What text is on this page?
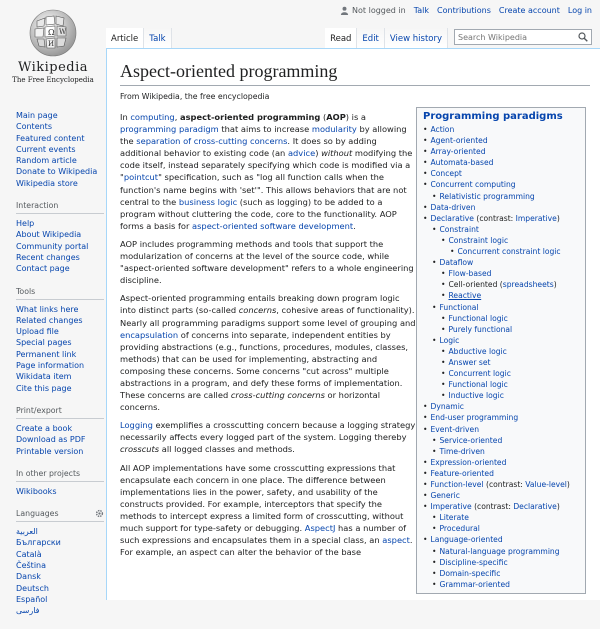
Ω W
И
Wikipedia
The Free Encyclopedia
Not logged in Talk Contributions Create account Log in
Article	Talk	Read	Edit	View history
Search Wikipedia
Main page
Contents
Featured content
Current events
Random article
Donate to Wikipedia
Wikipedia store
Interaction
Help
About Wikipedia
Community portal
Recent changes
Contact page
Tools
What links here
Related changes
Upload file
Special pages
Permanent link
Page information
Wikidata item
Cite this page
Print/export
Create a book
Download as PDF
Printable version
In other projects
Wikibooks
Languages
العربية
Български
Català
Čeština
Dansk
Deutsch
Español
فارسی
Aspect-oriented programming
From Wikipedia, the free encyclopedia

In computing, aspect-oriented programming (AOP) is a programming paradigm that aims to increase modularity by allowing the separation of cross-cutting concerns. It does so by adding additional behavior to existing code (an advice) without modifying the code itself, instead separately specifying which code is modified via a "pointcut" specification, such as "log all function calls when the function's name begins with 'set'". This allows behaviors that are not central to the business logic (such as logging) to be added to a program without cluttering the code, core to the functionality. AOP forms a basis for aspect-oriented software development.

AOP includes programming methods and tools that support the modularization of concerns at the level of the source code, while "aspect-oriented software development" refers to a whole engineering discipline.

Aspect-oriented programming entails breaking down program logic into distinct parts (so-called concerns, cohesive areas of functionality). Nearly all programming paradigms support some level of grouping and encapsulation of concerns into separate, independent entities by providing abstractions (e.g., functions, procedures, modules, classes, methods) that can be used for implementing, abstracting and composing these concerns. Some concerns "cut across" multiple abstractions in a program, and defy these forms of implementation. These concerns are called cross-cutting concerns or horizontal concerns.

Logging exemplifies a crosscutting concern because a logging strategy necessarily affects every logged part of the system. Logging thereby crosscuts all logged classes and methods.

All AOP implementations have some crosscutting expressions that encapsulate each concern in one place. The difference between implementations lies in the power, safety, and usability of the constructs provided. For example, interceptors that specify the methods to intercept express a limited form of crosscutting, without much support for type-safety or debugging. AspectJ has a number of such expressions and encapsulates them in a special class, an aspect. For example, an aspect can alter the behavior of the base

Programming paradigms
• Action
• Agent-oriented
• Array-oriented
• Automata-based
• Concept
• Concurrent computing
• Relativistic programming
• Data-driven
• Declarative (contrast: Imperative)
• Constraint
• Constraint logic
• Concurrent constraint logic
• Dataflow
• Flow-based
• Cell-oriented (spreadsheets)
• Reactive
• Functional
• Functional logic
• Purely functional
• Logic
• Abductive logic
• Answer set
• Concurrent logic
• Functional logic
• Inductive logic
• Dynamic
• End-user programming
• Event-driven
• Service-oriented
• Time-driven
• Expression-oriented
• Feature-oriented
• Function-level (contrast: Value-level)
• Generic
• Imperative (contrast: Declarative)
• Literate
• Procedural
• Language-oriented
• Natural-language programming
• Discipline-specific
• Domain-specific
• Grammar-oriented
